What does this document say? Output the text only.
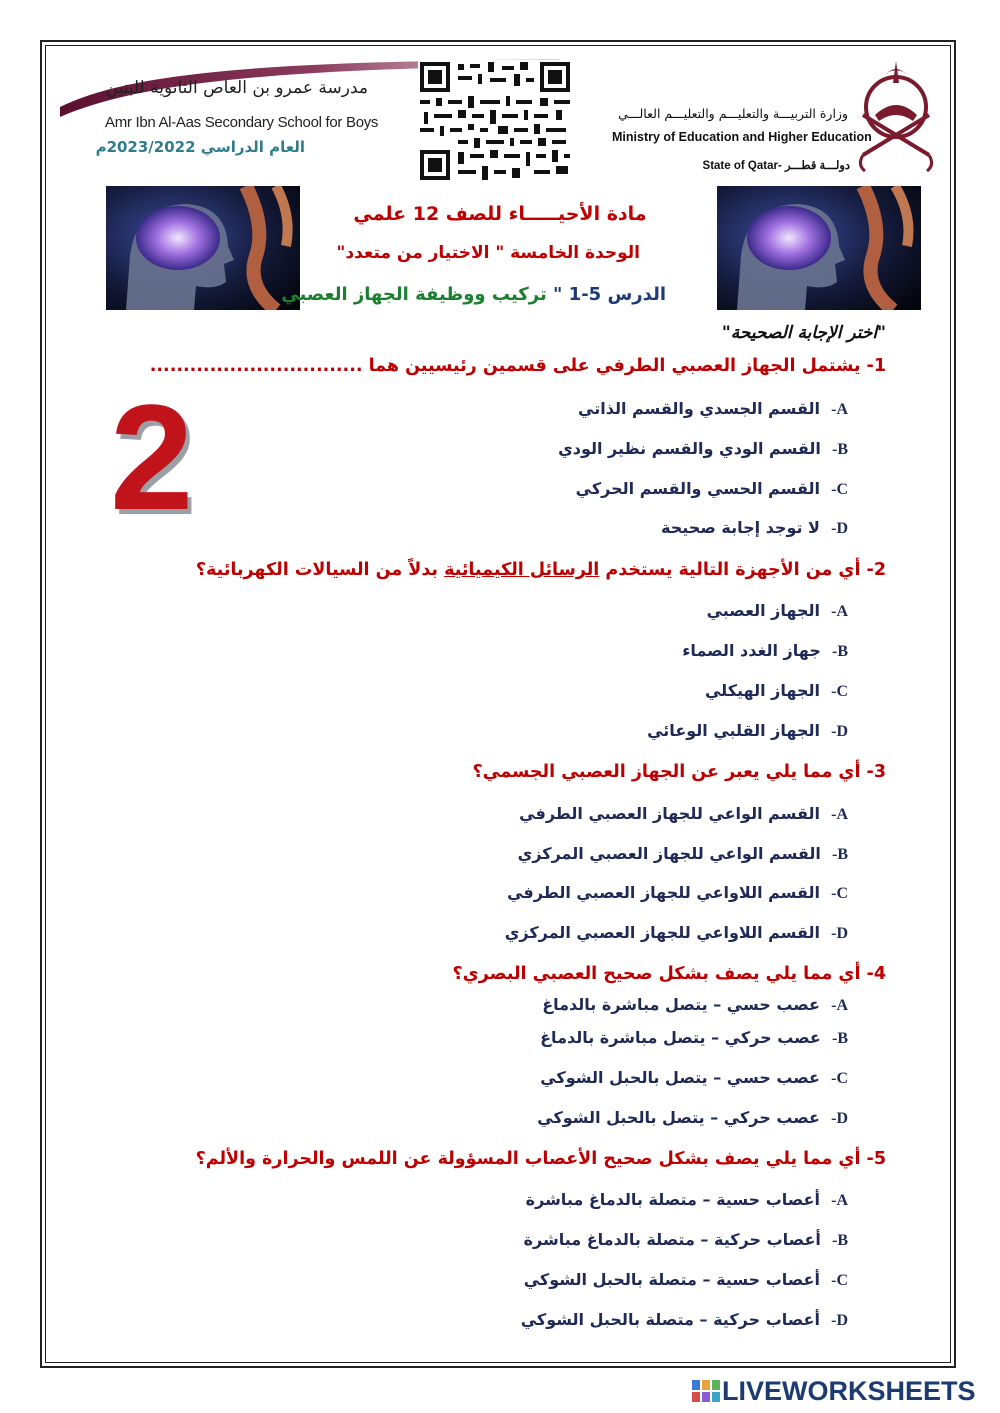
مدرسة عمرو بن العاص الثانوية للبنين
Amr Ibn Al-Aas Secondary School for Boys
العام الدراسي 2023/2022م
وزارة التربيـــة والتعليـــم والتعليـــم العالـــي
Ministry of Education and Higher Education
State of Qatar- دولـــة قطـــر
مادة الأحيـــــاء للصف 12 علمي
الوحدة الخامسة " الاختيار من متعدد"
الدرس 5-1 " تركيب ووظيفة الجهاز العصبي
"اختر الإجابة الصحيحة"
2
1- يشتمل الجهاز العصبي الطرفي على قسمين رئيسيين هما ................................
A-  القسم الجسدي والقسم الذاتي
B-  القسم الودي والقسم نظير الودي
C-  القسم الحسي والقسم الحركي
D-  لا توجد إجابة صحيحة
2- أي من الأجهزة التالية يستخدم الرسائل الكيميائية بدلاً من السيالات الكهربائية؟
A-  الجهاز العصبي
B-  جهاز الغدد الصماء
C-  الجهاز الهيكلي
D-  الجهاز القلبي الوعائي
3- أي مما يلي يعبر عن الجهاز العصبي الجسمي؟
A-  القسم الواعي للجهاز العصبي الطرفي
B-  القسم الواعي للجهاز العصبي المركزي
C-  القسم اللاواعي للجهاز العصبي الطرفي
D-  القسم اللاواعي للجهاز العصبي المركزي
4- أي مما يلي يصف بشكل صحيح العصبي البصري؟
A-  عصب حسي – يتصل مباشرة بالدماغ
B-  عصب حركي – يتصل مباشرة بالدماغ
C-  عصب حسي – يتصل بالحبل الشوكي
D-  عصب حركي – يتصل بالحبل الشوكي
5- أي مما يلي يصف بشكل صحيح الأعصاب المسؤولة عن اللمس والحرارة والألم؟
A-  أعصاب حسية – متصلة بالدماغ مباشرة
B-  أعصاب حركية – متصلة بالدماغ مباشرة
C-  أعصاب حسية – متصلة بالحبل الشوكي
D-  أعصاب حركية – متصلة بالحبل الشوكي
LIVEWORKSHEETS
